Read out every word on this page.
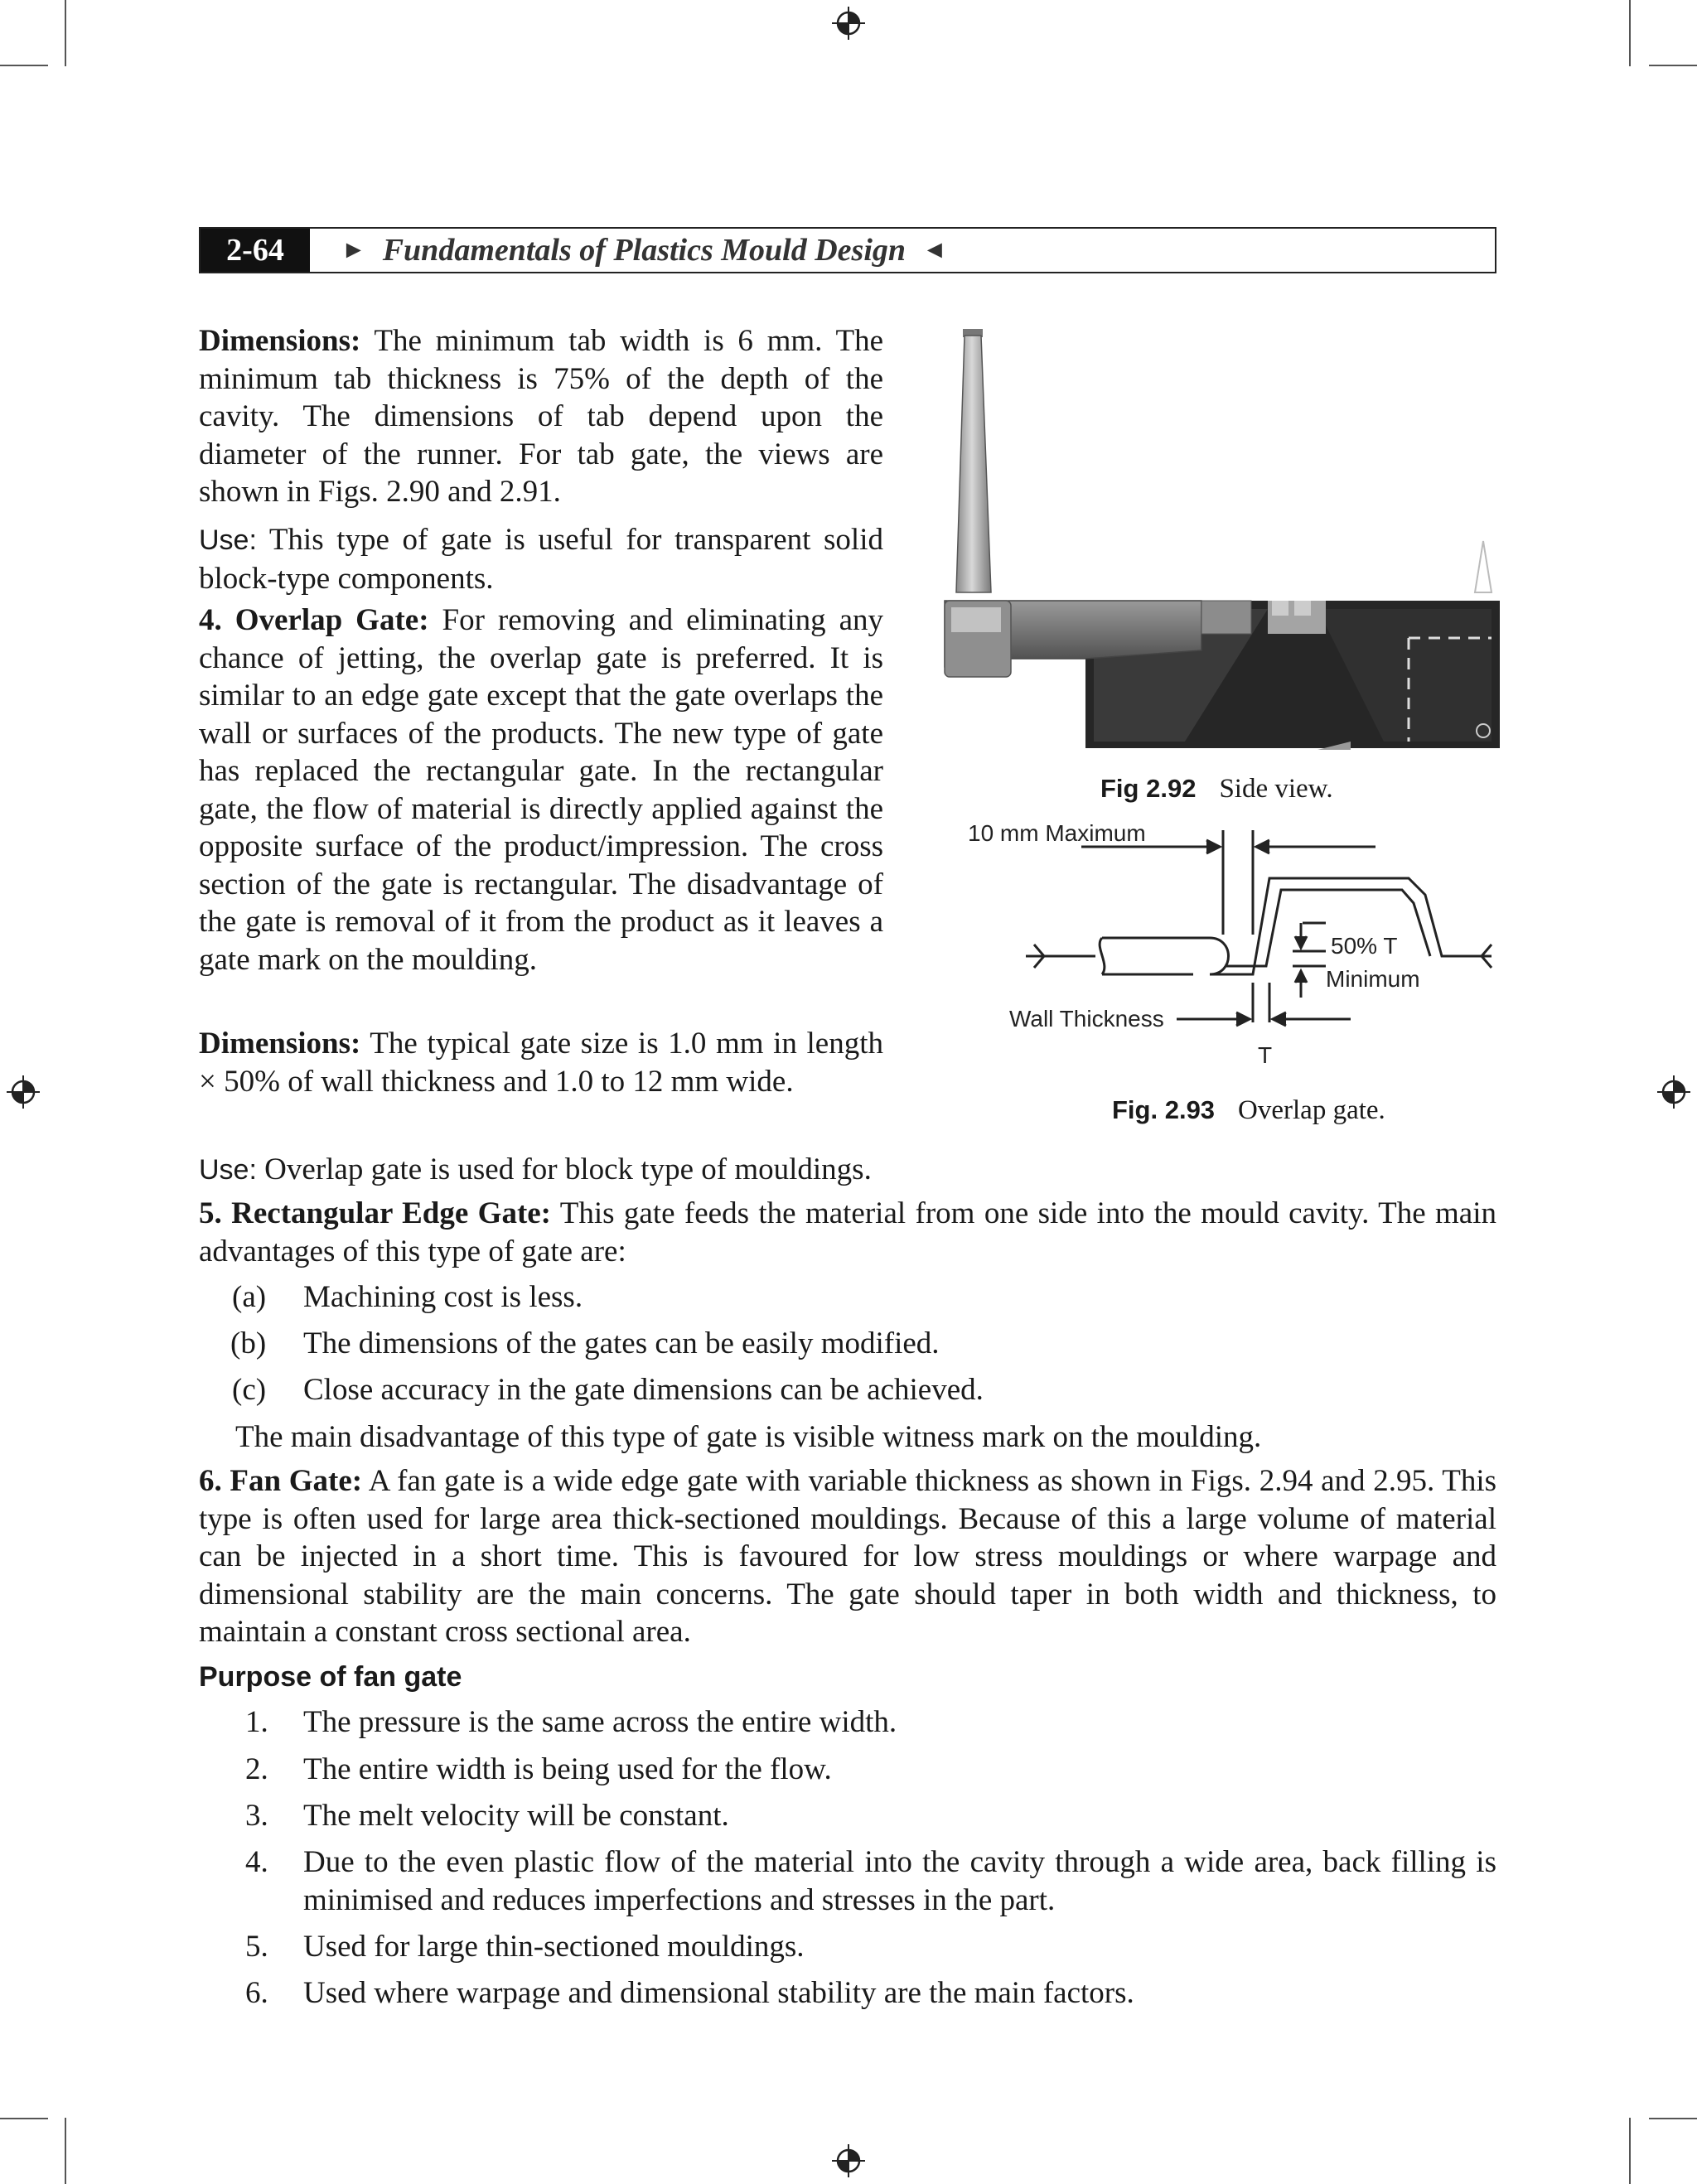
2-64	► Fundamentals of Plastics Mould Design ◄
Dimensions: The minimum tab width is 6 mm. The minimum tab thickness is 75% of the depth of the cavity. The dimensions of tab depend upon the diameter of the runner. For tab gate, the views are shown in Figs. 2.90 and 2.91.
Use: This type of gate is useful for transparent solid block-type components.
4. Overlap Gate: For removing and eliminating any chance of jetting, the overlap gate is preferred. It is similar to an edge gate except that the gate overlaps the wall or surfaces of the products. The new type of gate has replaced the rectangular gate. In the rectangular gate, the flow of material is directly applied against the opposite surface of the product/impression. The cross section of the gate is rectangular. The disadvantage of the gate is removal of it from the product as it leaves a gate mark on the moulding.
Dimensions: The typical gate size is 1.0 mm in length × 50% of wall thickness and 1.0 to 12 mm wide.
Fig 2.92 Side view.
10 mm Maximum
50% T
Minimum
Wall Thickness
T
Fig. 2.93 Overlap gate.
Use: Overlap gate is used for block type of mouldings.
5. Rectangular Edge Gate: This gate feeds the material from one side into the mould cavity. The main advantages of this type of gate are:
(a) Machining cost is less.
(b) The dimensions of the gates can be easily modified.
(c) Close accuracy in the gate dimensions can be achieved.
The main disadvantage of this type of gate is visible witness mark on the moulding.
6. Fan Gate: A fan gate is a wide edge gate with variable thickness as shown in Figs. 2.94 and 2.95. This type is often used for large area thick-sectioned mouldings. Because of this a large volume of material can be injected in a short time. This is favoured for low stress mouldings or where warpage and dimensional stability are the main concerns. The gate should taper in both width and thickness, to maintain a constant cross sectional area.
Purpose of fan gate
1. The pressure is the same across the entire width.
2. The entire width is being used for the flow.
3. The melt velocity will be constant.
4. Due to the even plastic flow of the material into the cavity through a wide area, back filling is minimised and reduces imperfections and stresses in the part.
5. Used for large thin-sectioned mouldings.
6. Used where warpage and dimensional stability are the main factors.
